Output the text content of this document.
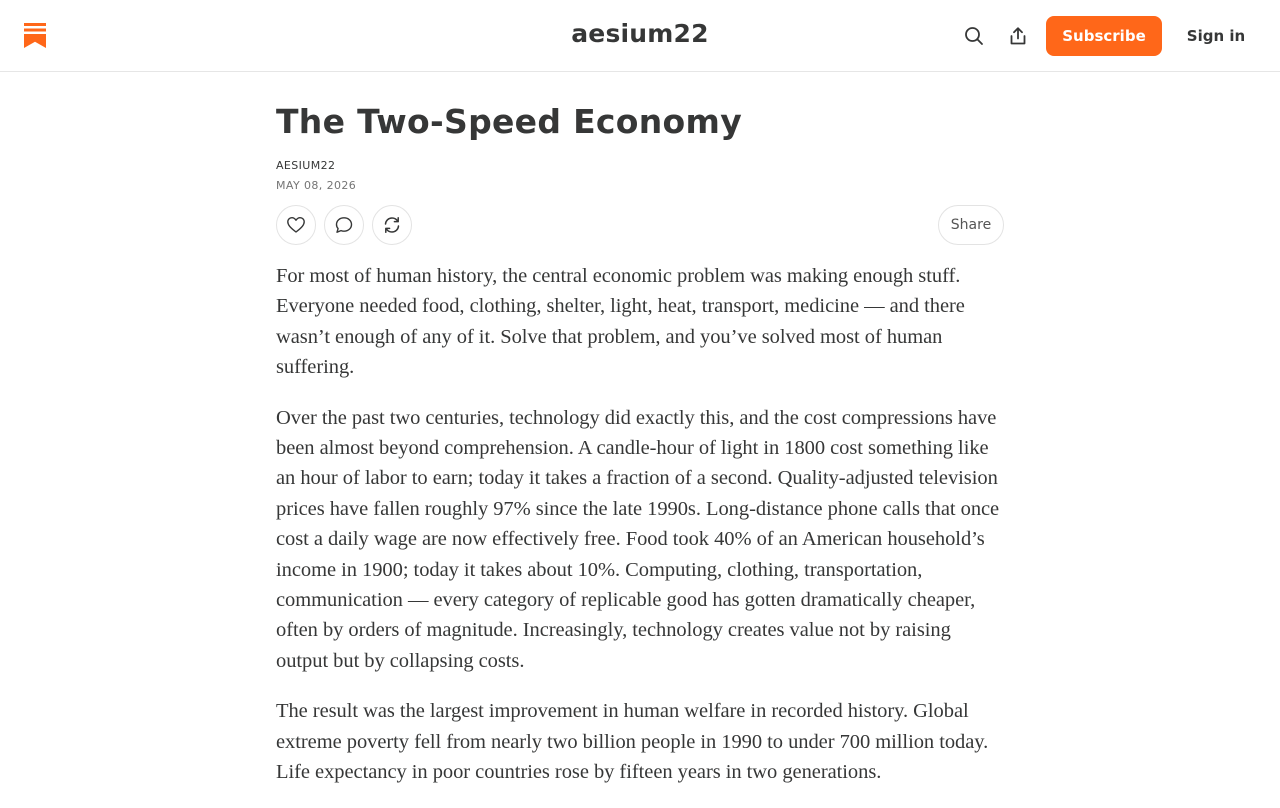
aesium22	Subscribe	Sign in
The Two-Speed Economy
AESIUM22
MAY 08, 2026
Share

For most of human history, the central economic problem was making enough stuff. Everyone needed food, clothing, shelter, light, heat, transport, medicine — and there wasn’t enough of any of it. Solve that problem, and you’ve solved most of human suffering.

Over the past two centuries, technology did exactly this, and the cost compressions have been almost beyond comprehension. A candle-hour of light in 1800 cost something like an hour of labor to earn; today it takes a fraction of a second. Quality-adjusted television prices have fallen roughly 97% since the late 1990s. Long-distance phone calls that once cost a daily wage are now effectively free. Food took 40% of an American household’s income in 1900; today it takes about 10%. Computing, clothing, transportation, communication — every category of replicable good has gotten dramatically cheaper, often by orders of magnitude. Increasingly, technology creates value not by raising output but by collapsing costs.

The result was the largest improvement in human welfare in recorded history. Global extreme poverty fell from nearly two billion people in 1990 to under 700 million today. Life expectancy in poor countries rose by fifteen years in two generations.
